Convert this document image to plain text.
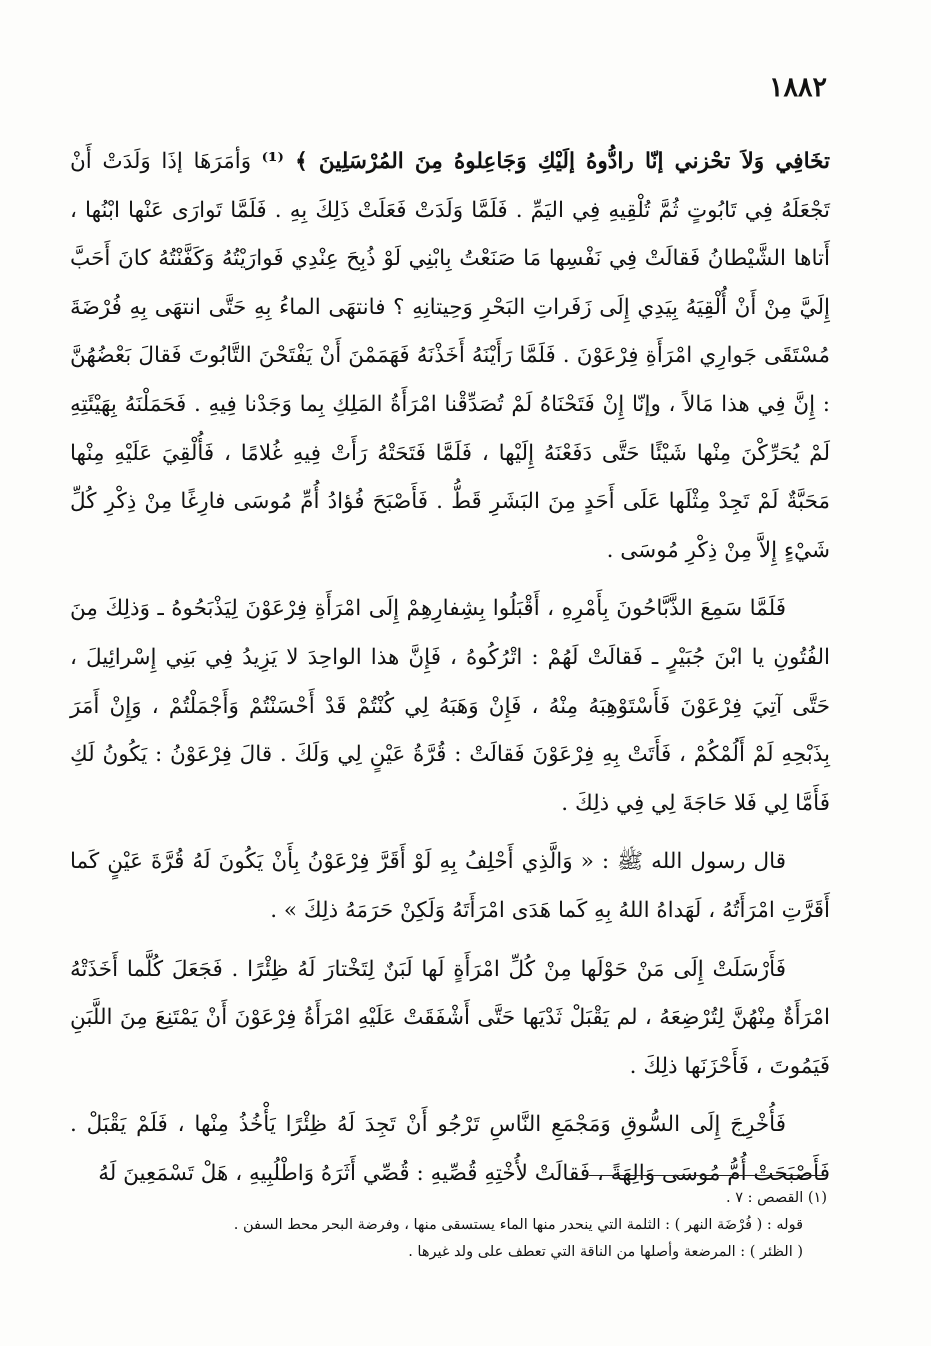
١٨٨٢

تخَافِي وَلاَ تحْزني إنّا رادُّوهُ إلَيْكِ وَجَاعِلوهُ مِنَ المُرْسَلِينَ ﴾ ⁽¹⁾ وَأمَرَهَا إذَا وَلَدَتْ أَنْ تَجْعَلَهُ فِي تَابُوتٍ ثُمَّ تُلْقِيهِ فِي اليَمِّ . فَلَمَّا وَلَدَتْ فَعَلَتْ ذَلِكَ بِهِ . فَلَمَّا تَوارَى عَنْها ابْنُها ، أَتاها الشَّيْطانُ فَقالَتْ فِي نَفْسِها مَا صَنَعْتُ بِابْنِي لَوْ ذُبِحَ عِنْدِي فَوارَيْتُهُ وَكَفَّنْتُهُ كانَ أَحَبَّ إِلَيَّ مِنْ أَنْ أُلْقِيَهُ بِيَدِي إِلَى زَفَراتِ البَحْرِ وَحِيتانِهِ ؟ فانتهَى الماءُ بِهِ حَتَّى انتهَى بِهِ فُرْضَةَ مُسْتَقَى جَوارِي امْرَأَةِ فِرْعَوْنَ . فَلَمَّا رَأَيْنَهُ أَخَذْنَهُ فَهَمَمْنَ أَنْ يَفْتَحْنَ التَّابُوتَ فَقالَ بَعْضُهُنَّ : إِنَّ فِي هذا مَالاً ، وإنّا إِنْ فَتَحْنَاهُ لَمْ تُصَدِّقْنا امْرَأَةُ المَلِكِ بِما وَجَدْنا فِيهِ . فَحَمَلْنَهُ بِهَيْئَتِهِ لَمْ يُحَرِّكْنَ مِنْها شَيْئًا حَتَّى دَفَعْنَهُ إِلَيْها ، فَلَمَّا فَتَحَتْهُ رَأَتْ فِيهِ غُلامًا ، فَأُلْقِيَ عَلَيْهِ مِنْها مَحَبَّةٌ لَمْ تَجِدْ مِثْلَها عَلَى أَحَدٍ مِنَ البَشَرِ قَطُّ . فَأَصْبَحَ فُؤادُ أُمِّ مُوسَى فارِغًا مِنْ ذِكْرِ كُلِّ شَيْءٍ إِلاَّ مِنْ ذِكْرِ مُوسَى .

فَلَمَّا سَمِعَ الذَّبَّاحُونَ بِأَمْرِهِ ، أَقْبَلُوا بِشِفارِهِمْ إِلَى امْرَأَةِ فِرْعَوْنَ لِيَذْبَحُوهُ ـ وَذلِكَ مِنَ الفُتُونِ يا ابْنَ جُبَيْرٍ ـ فَقالَتْ لَهُمْ : اتْرُكُوهُ ، فَإِنَّ هذا الواحِدَ لا يَزِيدُ فِي بَنِي إِسْرائِيلَ ، حَتَّى آتِيَ فِرْعَوْنَ فَأَسْتَوْهِبَهُ مِنْهُ ، فَإِنْ وَهَبَهُ لِي كُنْتُمْ قَدْ أَحْسَنْتُمْ وَأَجْمَلْتُمْ ، وَإِنْ أَمَرَ بِذَبْحِهِ لَمْ أَلُمْكُمْ ، فَأَتَتْ بِهِ فِرْعَوْنَ فَقالَتْ : قُرَّةُ عَيْنٍ لِي وَلَكَ . قالَ فِرْعَوْنُ : يَكُونُ لَكِ فَأَمَّا لِي فَلا حَاجَةَ لِي فِي ذلِكَ .

قال رسول الله ﷺ : « وَالَّذِي أَحْلِفُ بِهِ لَوْ أَقَرَّ فِرْعَوْنُ بِأَنْ يَكُونَ لَهُ قُرَّةَ عَيْنٍ كَما أَقَرَّتِ امْرَأَتُهُ ، لَهَداهُ اللهُ بِهِ كَما هَدَى امْرَأَتَهُ وَلَكِنْ حَرَمَهُ ذلِكَ » .

فَأَرْسَلَتْ إِلَى مَنْ حَوْلَها مِنْ كُلِّ امْرَأَةٍ لَها لَبَنٌ لِتَخْتارَ لَهُ ظِئْرًا . فَجَعَلَ كُلَّما أَخَذَتْهُ امْرَأَةٌ مِنْهُنَّ لِتُرْضِعَهُ ، لم يَقْبَلْ ثَدْيَها حَتَّى أَشْفَقَتْ عَلَيْهِ امْرَأَةُ فِرْعَوْنَ أَنْ يَمْتَنِعَ مِنَ اللَّبَنِ فَيَمُوتَ ، فَأَحْزَنَها ذلِكَ .

فَأُخْرِجَ إِلَى السُّوقِ وَمَجْمَعِ النَّاسِ تَرْجُو أَنْ تَجِدَ لَهُ ظِئْرًا يَأْخُذُ مِنْها ، فَلَمْ يَقْبَلْ . فَأَصْبَحَتْ أُمُّ مُوسَى وَالِهَةً ، فَقالَتْ لأُخْتِهِ قُصِّيهِ : قُصِّي أَثَرَهُ وَاطْلُبِيهِ ، هَلْ تَسْمَعِينَ لَهُ

(١) القصص : ٧ .

قوله : ( فُرْضَة النهر ) : الثلمة التي ينحدر منها الماء يستسقى منها ، وفرضة البحر محط السفن .

( الظئر ) : المرضعة وأصلها من الناقة التي تعطف على ولد غيرها .
